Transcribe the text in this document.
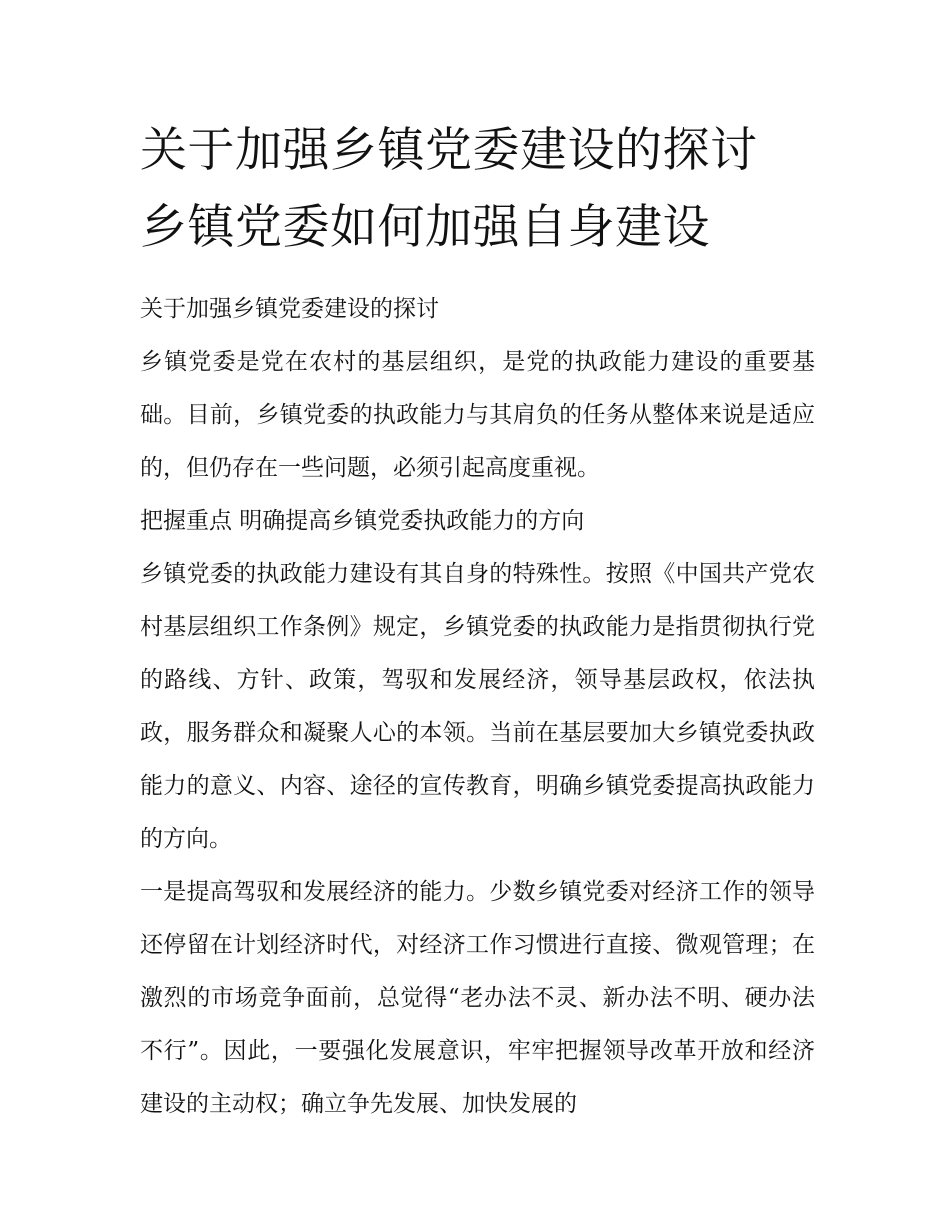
关于加强乡镇党委建设的探讨
乡镇党委如何加强自身建设

关于加强乡镇党委建设的探讨

乡镇党委是党在农村的基层组织，是党的执政能力建设的重要基础。目前，乡镇党委的执政能力与其肩负的任务从整体来说是适应的，但仍存在一些问题，必须引起高度重视。

把握重点 明确提高乡镇党委执政能力的方向

乡镇党委的执政能力建设有其自身的特殊性。按照《中国共产党农村基层组织工作条例》规定，乡镇党委的执政能力是指贯彻执行党的路线、方针、政策，驾驭和发展经济，领导基层政权，依法执政，服务群众和凝聚人心的本领。当前在基层要加大乡镇党委执政能力的意义、内容、途径的宣传教育，明确乡镇党委提高执政能力的方向。

一是提高驾驭和发展经济的能力。少数乡镇党委对经济工作的领导还停留在计划经济时代，对经济工作习惯进行直接、微观管理；在激烈的市场竞争面前，总觉得“老办法不灵、新办法不明、硬办法不行”。因此，一要强化发展意识，牢牢把握领导改革开放和经济建设的主动权；确立争先发展、加快发展的
